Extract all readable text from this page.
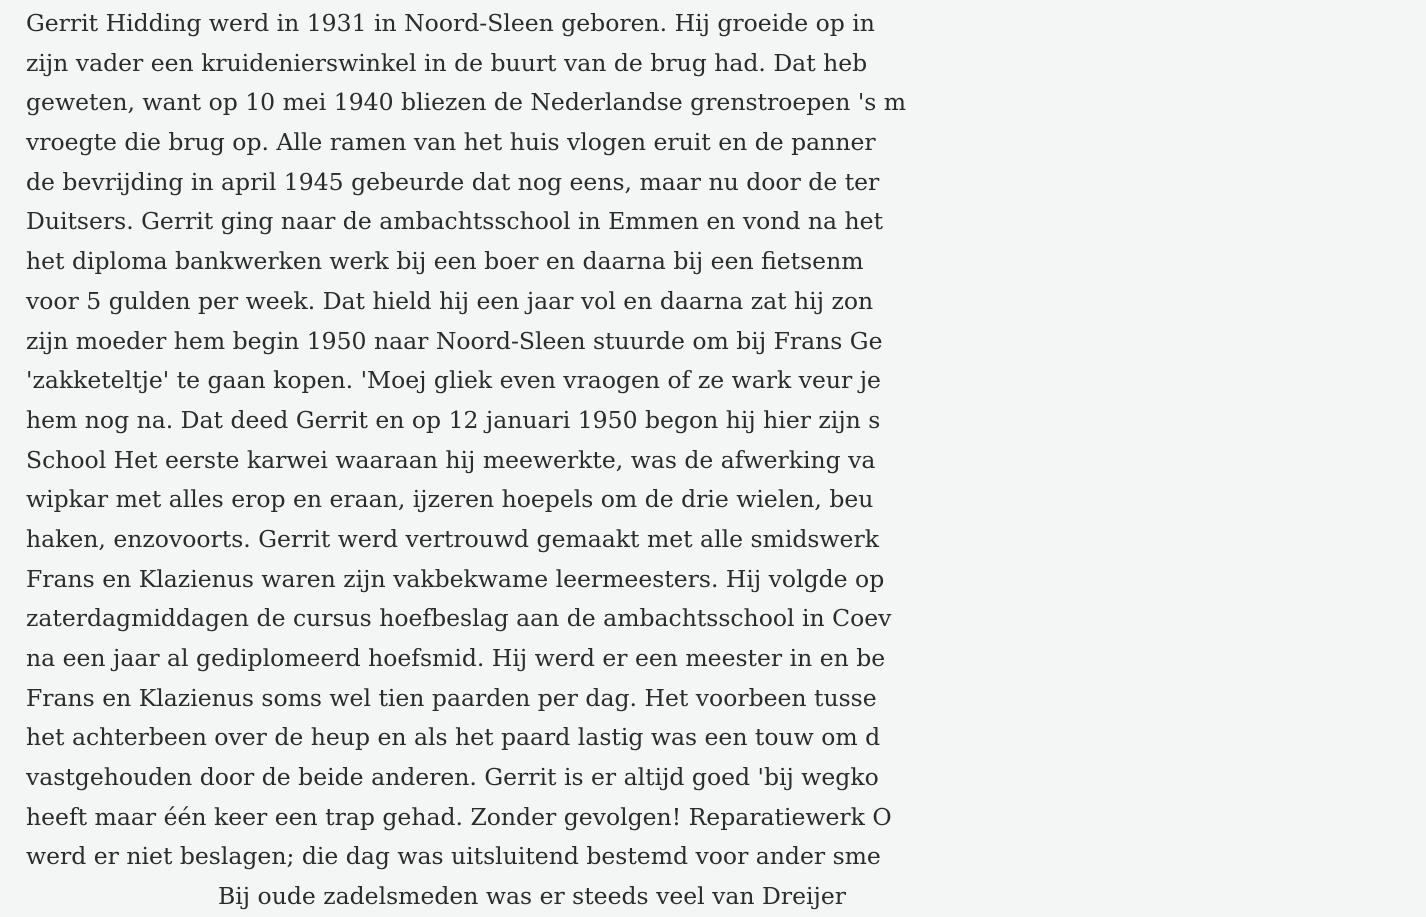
Gerrit Hidding werd in 1931 in Noord-Sleen geboren. Hij groeide op in
zijn vader een kruidenierswinkel in de buurt van de brug had. Dat heb
geweten, want op 10 mei 1940 bliezen de Nederlandse grenstroepen 's m
vroegte die brug op. Alle ramen van het huis vlogen eruit en de panner
de bevrijding in april 1945 gebeurde dat nog eens, maar nu door de ter
Duitsers. Gerrit ging naar de ambachtsschool in Emmen en vond na het
het diploma bankwerken werk bij een boer en daarna bij een fietsenm
voor 5 gulden per week. Dat hield hij een jaar vol en daarna zat hij zon
zijn moeder hem begin 1950 naar Noord-Sleen stuurde om bij Frans Ge
'zakketeltje' te gaan kopen. 'Moej gliek even vraogen of ze wark veur je
hem nog na. Dat deed Gerrit en op 12 januari 1950 begon hij hier zijn s
School Het eerste karwei waaraan hij meewerkte, was de afwerking va
wipkar met alles erop en eraan, ijzeren hoepels om de drie wielen, beu
haken, enzovoorts. Gerrit werd vertrouwd gemaakt met alle smidswerk
Frans en Klazienus waren zijn vakbekwame leermeesters. Hij volgde op
zaterdagmiddagen de cursus hoefbeslag aan de ambachtsschool in Coev
na een jaar al gediplomeerd hoefsmid. Hij werd er een meester in en be
Frans en Klazienus soms wel tien paarden per dag. Het voorbeen tusse
het achterbeen over de heup en als het paard lastig was een touw om d
vastgehouden door de beide anderen. Gerrit is er altijd goed 'bij wegko
heeft maar één keer een trap gehad. Zonder gevolgen! Reparatiewerk O
werd er niet beslagen; die dag was uitsluitend bestemd voor ander sme
Bij oude zadelsmeden was er steeds veel van Dreijer
